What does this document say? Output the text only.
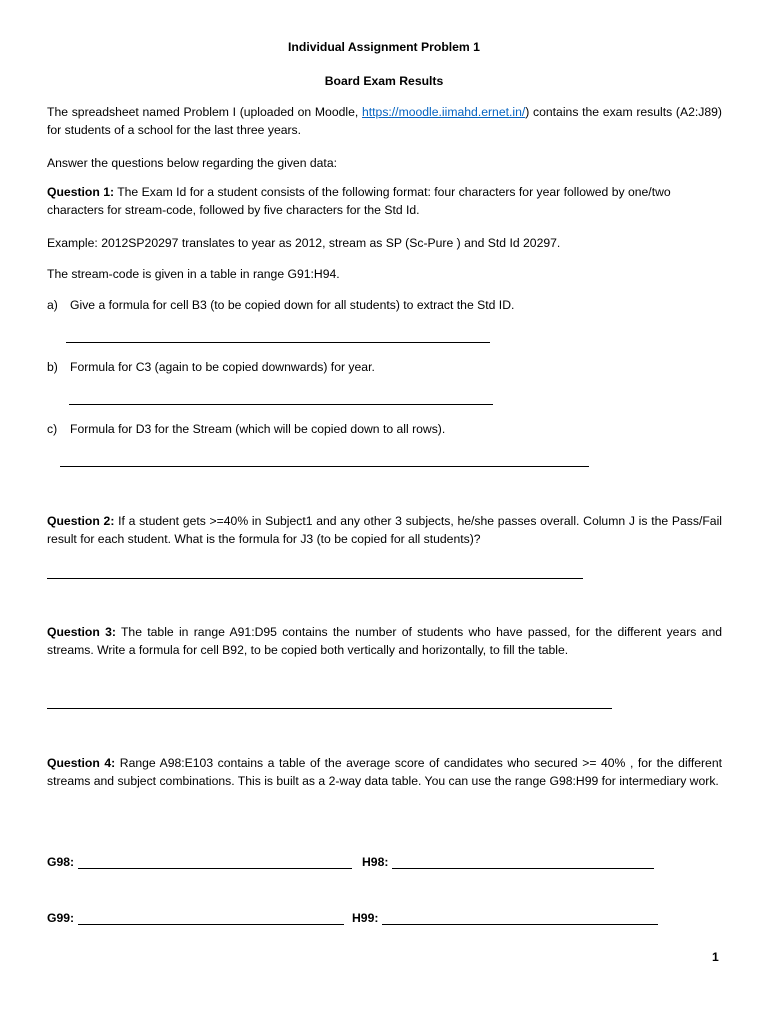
Individual Assignment Problem 1
Board Exam Results

The spreadsheet named Problem I (uploaded on Moodle, https://moodle.iimahd.ernet.in/) contains the exam results (A2:J89) for students of a school for the last three years.

Answer the questions below regarding the given data:

Question 1: The Exam Id for a student consists of the following format: four characters for year followed by one/two characters for stream-code, followed by five characters for the Std Id.

Example: 2012SP20297 translates to year as 2012, stream as SP (Sc-Pure ) and Std Id 20297.

The stream-code is given in a table in range G91:H94.

a) Give a formula for cell B3 (to be copied down for all students) to extract the Std ID.
b) Formula for C3 (again to be copied downwards) for year.
c) Formula for D3 for the Stream (which will be copied down to all rows).

Question 2: If a student gets >=40% in Subject1 and any other 3 subjects, he/she passes overall. Column J is the Pass/Fail result for each student. What is the formula for J3 (to be copied for all students)?

Question 3: The table in range A91:D95 contains the number of students who have passed, for the different years and streams. Write a formula for cell B92, to be copied both vertically and horizontally, to fill the table.

Question 4: Range A98:E103 contains a table of the average score of candidates who secured >= 40% , for the different streams and subject combinations. This is built as a 2-way data table. You can use the range G98:H99 for intermediary work.

G98:	H98:
G99:	H99:
1
